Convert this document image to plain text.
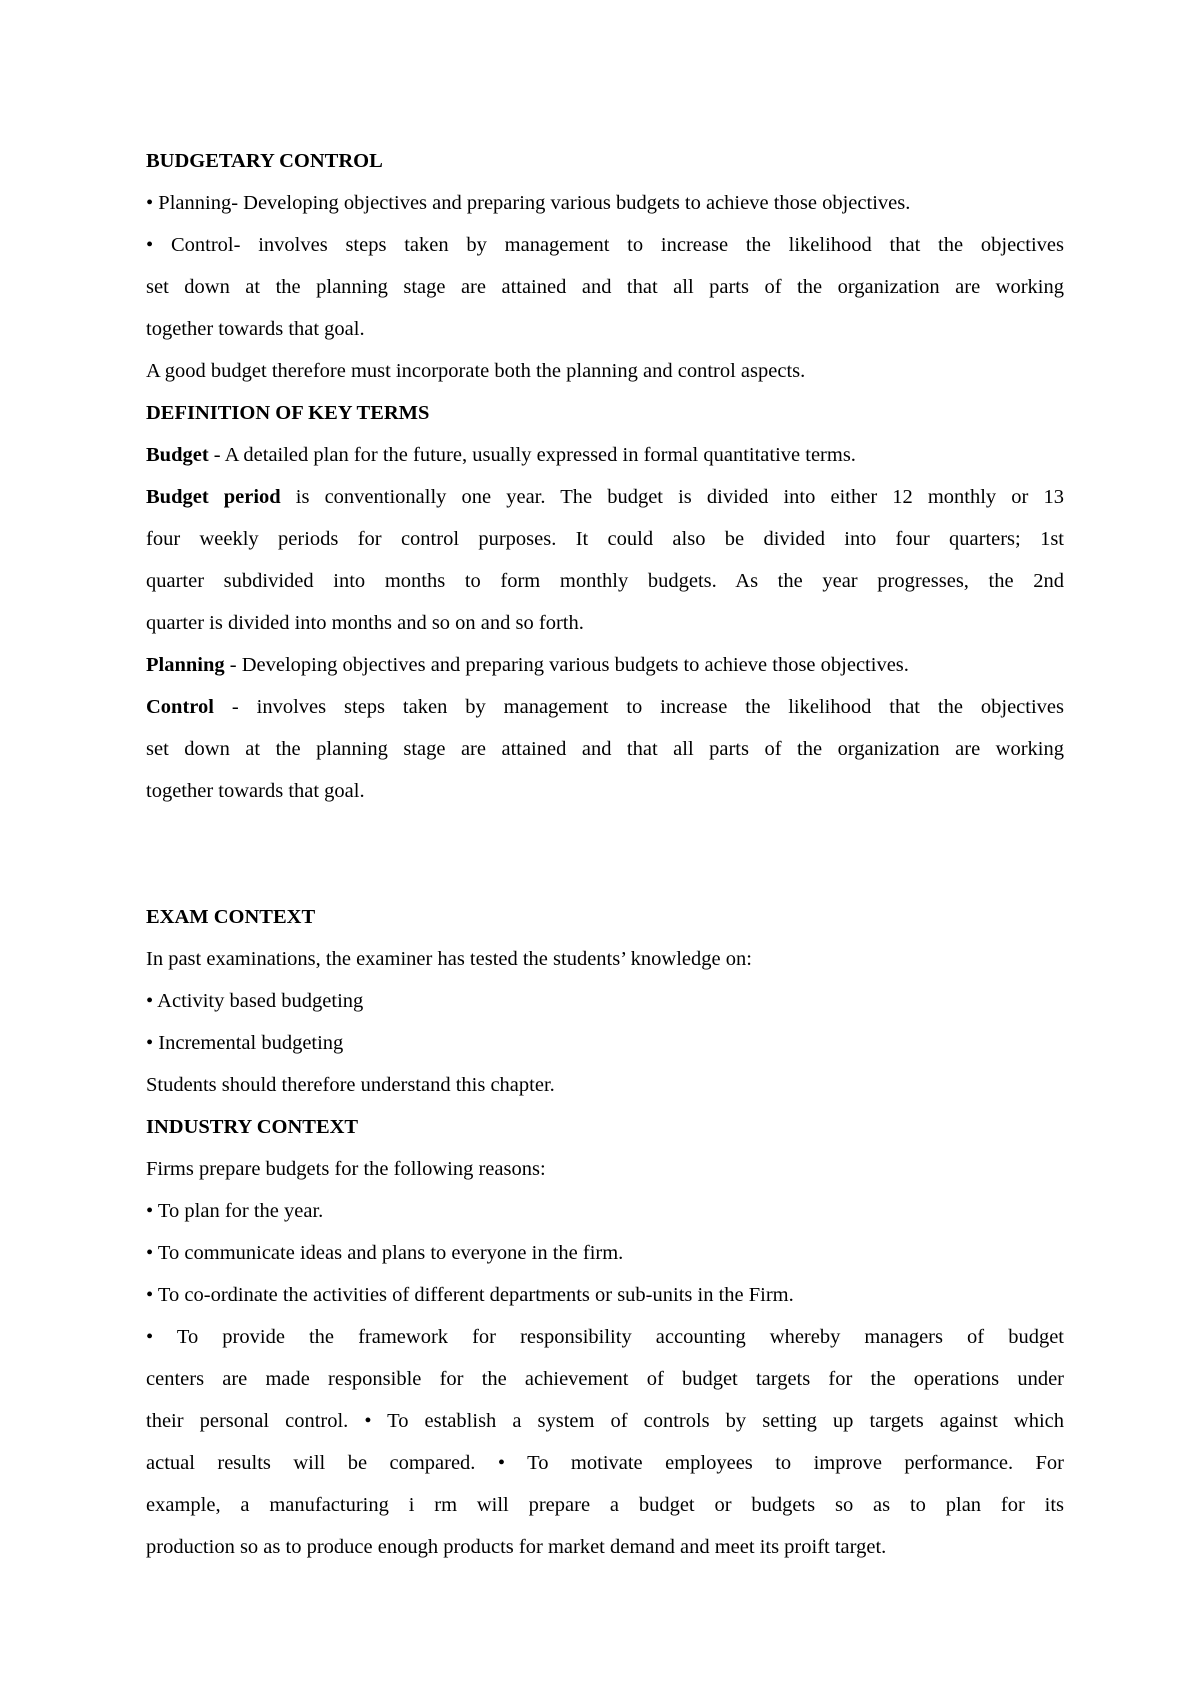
BUDGETARY CONTROL
• Planning- Developing objectives and preparing various budgets to achieve those objectives.
• Control- involves steps taken by management to increase the likelihood that the objectives
set down at the planning stage are attained and that all parts of the organization are working
together towards that goal.
A good budget therefore must incorporate both the planning and control aspects.
DEFINITION OF KEY TERMS
Budget - A detailed plan for the future, usually expressed in formal quantitative terms.
Budget period is conventionally one year. The budget is divided into either 12 monthly or 13
four weekly periods for control purposes. It could also be divided into four quarters; 1st
quarter subdivided into months to form monthly budgets. As the year progresses, the 2nd
quarter is divided into months and so on and so forth.
Planning - Developing objectives and preparing various budgets to achieve those objectives.
Control - involves steps taken by management to increase the likelihood that the objectives
set down at the planning stage are attained and that all parts of the organization are working
together towards that goal.
EXAM CONTEXT
In past examinations, the examiner has tested the students’ knowledge on:
• Activity based budgeting
• Incremental budgeting
Students should therefore understand this chapter.
INDUSTRY CONTEXT
Firms prepare budgets for the following reasons:
• To plan for the year.
• To communicate ideas and plans to everyone in the firm.
• To co-ordinate the activities of different departments or sub-units in the Firm.
• To provide the framework for responsibility accounting whereby managers of budget
centers are made responsible for the achievement of budget targets for the operations under
their personal control. • To establish a system of controls by setting up targets against which
actual results will be compared. • To motivate employees to improve performance. For
example, a manufacturing i rm will prepare a budget or budgets so as to plan for its
production so as to produce enough products for market demand and meet its proift target.
